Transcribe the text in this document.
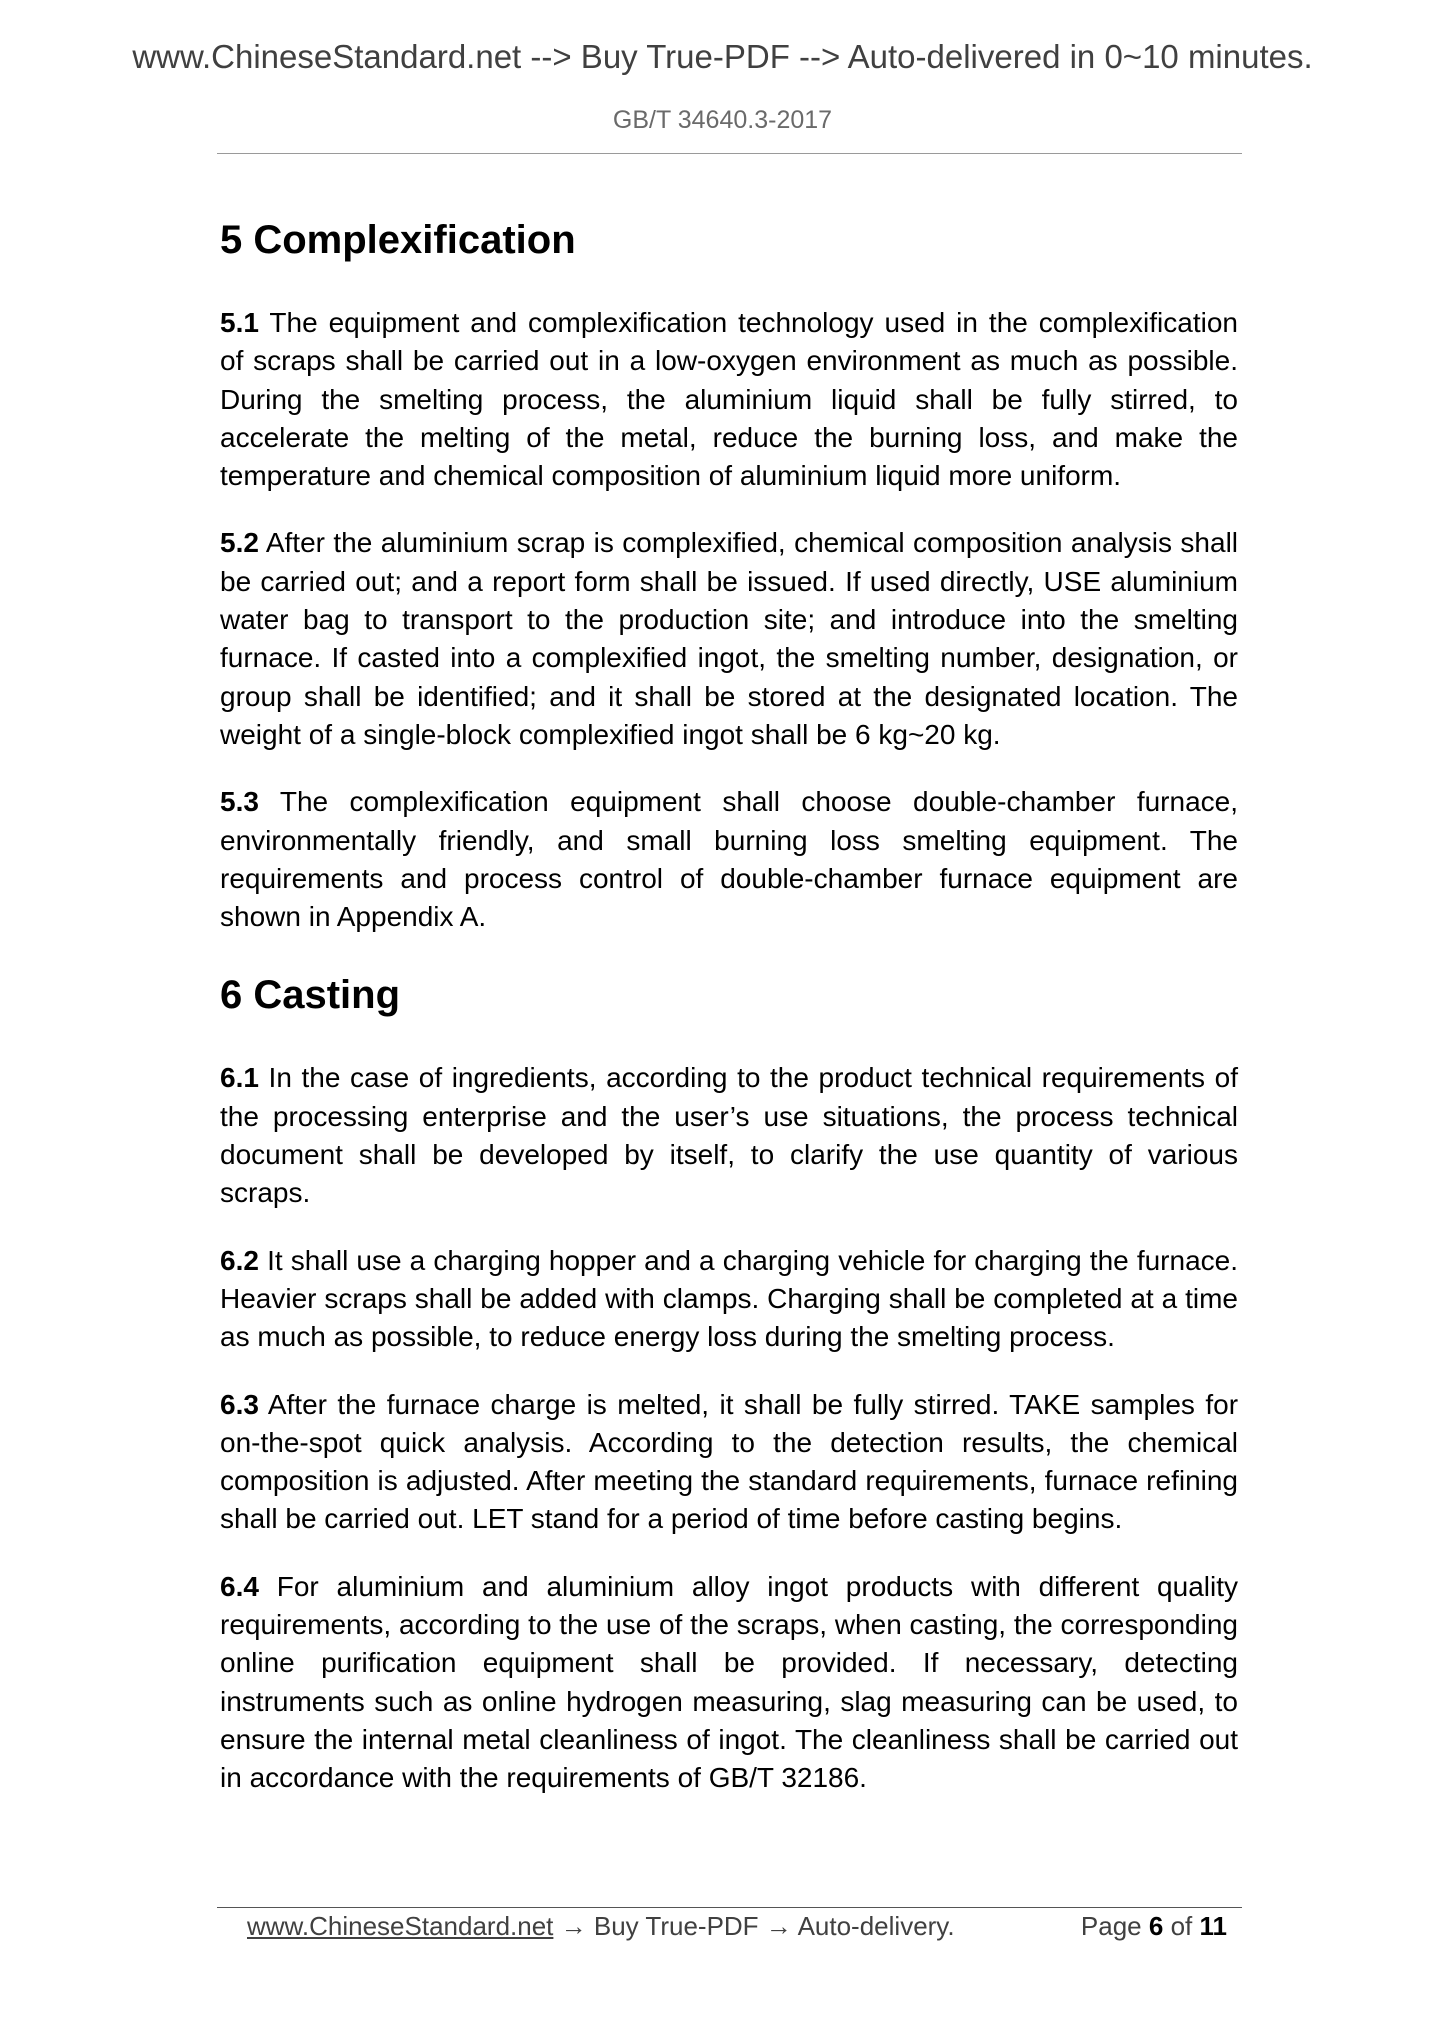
www.ChineseStandard.net --> Buy True-PDF --> Auto-delivered in 0~10 minutes.
GB/T 34640.3-2017
5 Complexification

5.1 The equipment and complexification technology used in the complexification of scraps shall be carried out in a low-oxygen environment as much as possible. During the smelting process, the aluminium liquid shall be fully stirred, to accelerate the melting of the metal, reduce the burning loss, and make the temperature and chemical composition of aluminium liquid more uniform.

5.2 After the aluminium scrap is complexified, chemical composition analysis shall be carried out; and a report form shall be issued. If used directly, USE aluminium water bag to transport to the production site; and introduce into the smelting furnace. If casted into a complexified ingot, the smelting number, designation, or group shall be identified; and it shall be stored at the designated location. The weight of a single-block complexified ingot shall be 6 kg~20 kg.

5.3 The complexification equipment shall choose double-chamber furnace, environmentally friendly, and small burning loss smelting equipment. The requirements and process control of double-chamber furnace equipment are shown in Appendix A.

6 Casting

6.1 In the case of ingredients, according to the product technical requirements of the processing enterprise and the user’s use situations, the process technical document shall be developed by itself, to clarify the use quantity of various scraps.

6.2 It shall use a charging hopper and a charging vehicle for charging the furnace. Heavier scraps shall be added with clamps. Charging shall be completed at a time as much as possible, to reduce energy loss during the smelting process.

6.3 After the furnace charge is melted, it shall be fully stirred. TAKE samples for on-the-spot quick analysis. According to the detection results, the chemical composition is adjusted. After meeting the standard requirements, furnace refining shall be carried out. LET stand for a period of time before casting begins.

6.4 For aluminium and aluminium alloy ingot products with different quality requirements, according to the use of the scraps, when casting, the corresponding online purification equipment shall be provided. If necessary, detecting instruments such as online hydrogen measuring, slag measuring can be used, to ensure the internal metal cleanliness of ingot. The cleanliness shall be carried out in accordance with the requirements of GB/T 32186.

www.ChineseStandard.net → Buy True-PDF → Auto-delivery.	Page 6 of 11
